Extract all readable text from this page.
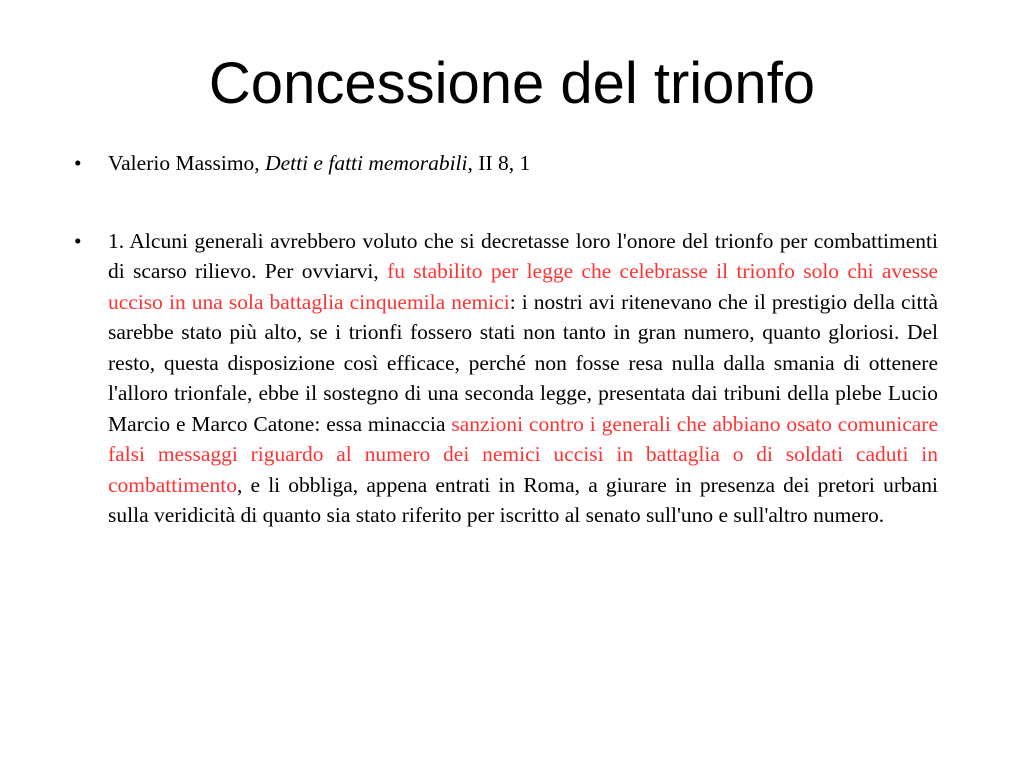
Concessione del trionfo
•	Valerio Massimo, Detti e fatti memorabili, II 8, 1
•	1. Alcuni generali avrebbero voluto che si decretasse loro l'onore del trionfo per combattimenti di scarso rilievo. Per ovviarvi, fu stabilito per legge che celebrasse il trionfo solo chi avesse ucciso in una sola battaglia cinquemila nemici: i nostri avi ritenevano che il prestigio della città sarebbe stato più alto, se i trionfi fossero stati non tanto in gran numero, quanto gloriosi. Del resto, questa disposizione così efficace, perché non fosse resa nulla dalla smania di ottenere l'alloro trionfale, ebbe il sostegno di una seconda legge, presentata dai tribuni della plebe Lucio Marcio e Marco Catone: essa minaccia sanzioni contro i generali che abbiano osato comunicare falsi messaggi riguardo al numero dei nemici uccisi in battaglia o di soldati caduti in combattimento, e li obbliga, appena entrati in Roma, a giurare in presenza dei pretori urbani sulla veridicità di quanto sia stato riferito per iscritto al senato sull'uno e sull'altro numero.
